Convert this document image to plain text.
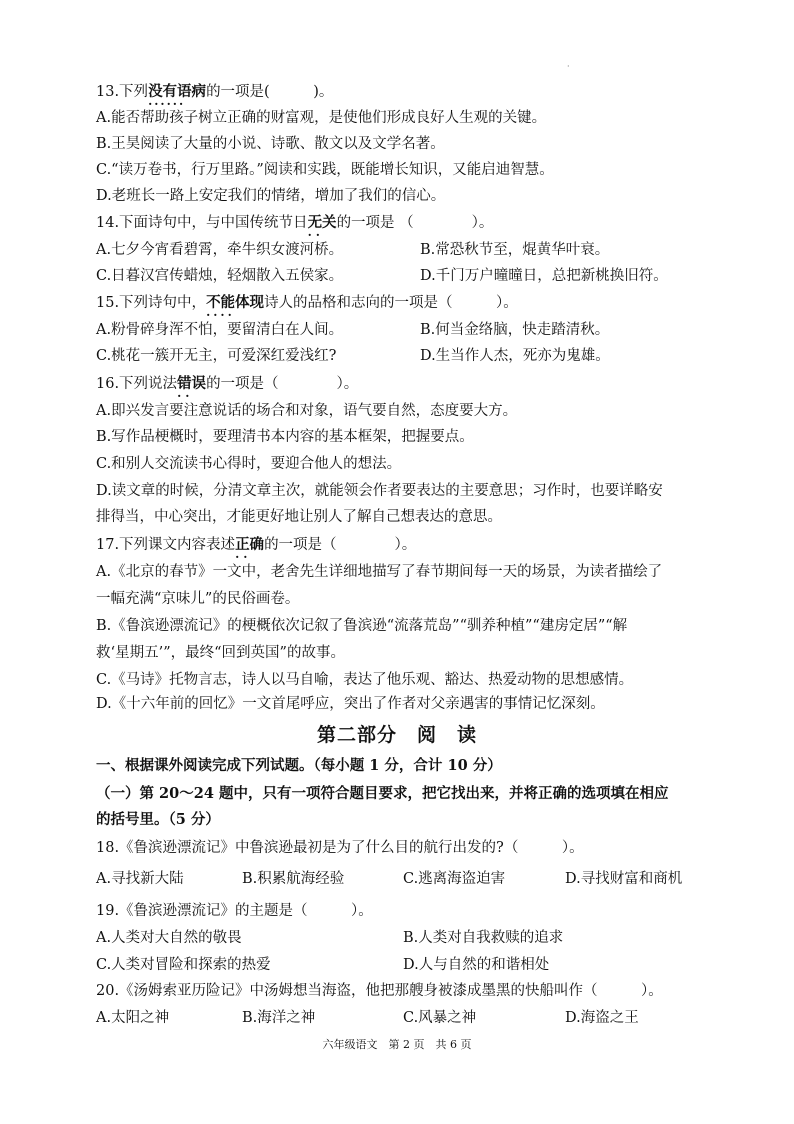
·
13.下列没有语病 ······的一项是(　　　)。
A.能否帮助孩子树立正确的财富观，是使他们形成良好人生观的关键。
B.王昊阅读了大量的小说、诗歌、散文以及文学名著。
C.“读万卷书，行万里路。”阅读和实践，既能增长知识，又能启迪智慧。
D.老班长一路上安定我们的情绪，增加了我们的信心。
14.下面诗句中，与中国传统节日无关 ··的一项是 （　　　　）。
A.七夕今宵看碧霄，牵牛织女渡河桥。	B.常恐秋节至，焜黄华叶衰。
C.日暮汉宫传蜡烛，轻烟散入五侯家。	D.千门万户曈曈日，总把新桃换旧符。
15.下列诗句中，不能体现 ····诗人的品格和志向的一项是（　　　）。
A.粉骨碎身浑不怕，要留清白在人间。	B.何当金络脑，快走踏清秋。
C.桃花一簇开无主，可爱深红爱浅红?	D.生当作人杰，死亦为鬼雄。
16.下列说法错误 ··的一项是（　　　　）。
A.即兴发言要注意说话的场合和对象，语气要自然，态度要大方。
B.写作品梗概时，要理清书本内容的基本框架，把握要点。
C.和别人交流读书心得时，要迎合他人的想法。
D.读文章的时候，分清文章主次，就能领会作者要表达的主要意思；习作时，也要详略安
排得当，中心突出，才能更好地让别人了解自己想表达的意思。
17.下列课文内容表述正确 ··的一项是（　　　　）。
A.《北京的春节》一文中，老舍先生详细地描写了春节期间每一天的场景，为读者描绘了
一幅充满“京味儿”的民俗画卷。
B.《鲁滨逊漂流记》的梗概依次记叙了鲁滨逊“流落荒岛”“驯养种植”“建房定居”“解
救‘星期五’”，最终“回到英国”的故事。
C.《马诗》托物言志，诗人以马自喻，表达了他乐观、豁达、热爱动物的思想感情。
D.《十六年前的回忆》一文首尾呼应，突出了作者对父亲遇害的事情记忆深刻。
第二部分　阅　读
一、根据课外阅读完成下列试题。（每小题 1 分，合计 10 分）
（一）第 20～24 题中，只有一项符合题目要求，把它找出来，并将正确的选项填在相应
的括号里。（5 分）
18.《鲁滨逊漂流记》中鲁滨逊最初是为了什么目的航行出发的?（　　　）。
A.寻找新大陆	B.积累航海经验	C.逃离海盗迫害	D.寻找财富和商机
19.《鲁滨逊漂流记》的主题是（　　　）。
A.人类对大自然的敬畏	B.人类对自我救赎的追求
C.人类对冒险和探索的热爱	D.人与自然的和谐相处
20.《汤姆索亚历险记》中汤姆想当海盗，他把那艘身被漆成墨黑的快船叫作（　　　）。
A.太阳之神	B.海洋之神	C.风暴之神	D.海盗之王
六年级语文　第 2 页　共 6 页
